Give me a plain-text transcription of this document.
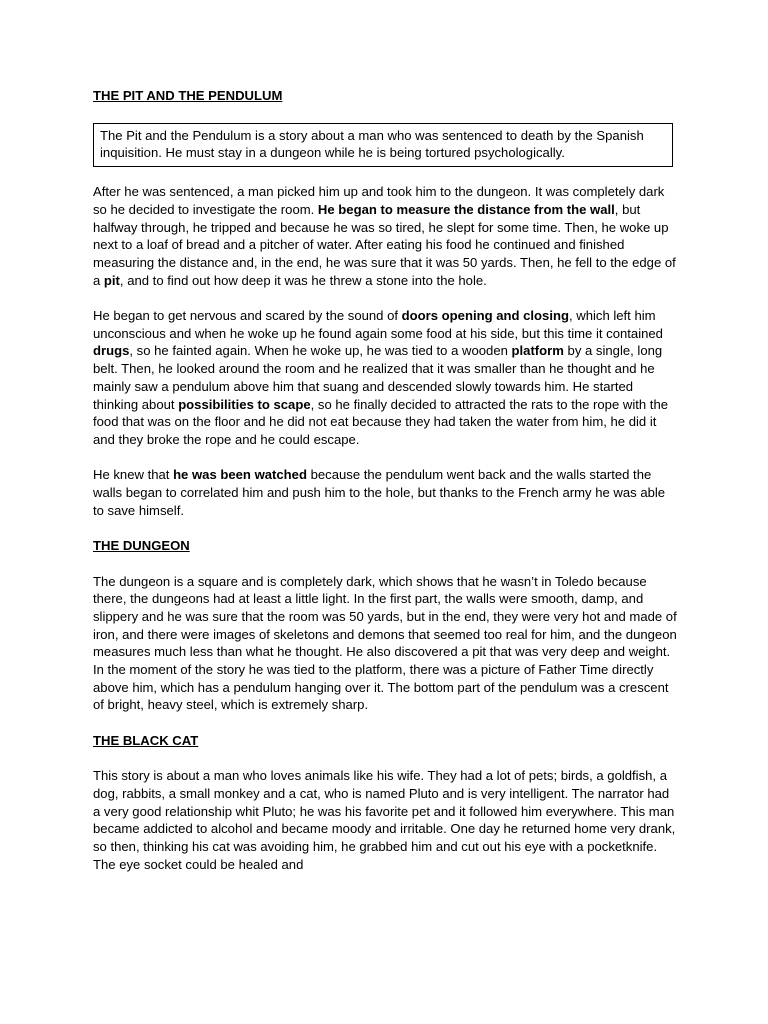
THE PIT AND THE PENDULUM

The Pit and the Pendulum is a story about a man who was sentenced to death by the Spanish inquisition. He must stay in a dungeon while he is being tortured psychologically.

After he was sentenced, a man picked him up and took him to the dungeon. It was completely dark so he decided to investigate the room. He began to measure the distance from the wall, but halfway through, he tripped and because he was so tired, he slept for some time. Then, he woke up next to a loaf of bread and a pitcher of water. After eating his food he continued and finished measuring the distance and, in the end, he was sure that it was 50 yards. Then, he fell to the edge of a pit, and to find out how deep it was he threw a stone into the hole.

He began to get nervous and scared by the sound of doors opening and closing, which left him unconscious and when he woke up he found again some food at his side, but this time it contained drugs, so he fainted again. When he woke up, he was tied to a wooden platform by a single, long belt. Then, he looked around the room and he realized that it was smaller than he thought and he mainly saw a pendulum above him that suang and descended slowly towards him. He started thinking about possibilities to scape, so he finally decided to attracted the rats to the rope with the food that was on the floor and he did not eat because they had taken the water from him, he did it and they broke the rope and he could escape.

He knew that he was been watched because the pendulum went back and the walls started the walls began to correlated him and push him to the hole, but thanks to the French army he was able to save himself.

THE DUNGEON

The dungeon is a square and is completely dark, which shows that he wasn’t in Toledo because there, the dungeons had at least a little light. In the first part, the walls were smooth, damp, and slippery and he was sure that the room was 50 yards, but in the end, they were very hot and made of iron, and there were images of skeletons and demons that seemed too real for him, and the dungeon measures much less than what he thought. He also discovered a pit that was very deep and weight. In the moment of the story he was tied to the platform, there was a picture of Father Time directly above him, which has a pendulum hanging over it. The bottom part of the pendulum was a crescent of bright, heavy steel, which is extremely sharp.

THE BLACK CAT

This story is about a man who loves animals like his wife. They had a lot of pets; birds, a goldfish, a dog, rabbits, a small monkey and a cat, who is named Pluto and is very intelligent. The narrator had a very good relationship whit Pluto; he was his favorite pet and it followed him everywhere. This man became addicted to alcohol and became moody and irritable. One day he returned home very drank, so then, thinking his cat was avoiding him, he grabbed him and cut out his eye with a pocketknife. The eye socket could be healed and
